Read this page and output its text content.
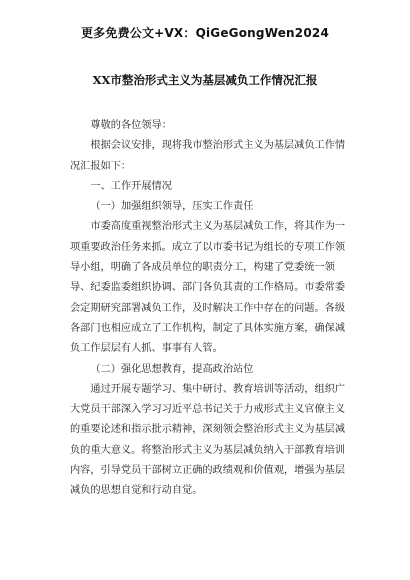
更多免费公文+VX：QiGeGongWen2024
XX市整治形式主义为基层减负工作情况汇报

尊敬的各位领导：

根据会议安排，现将我市整治形式主义为基层减负工作情况汇报如下：

一、工作开展情况

（一）加强组织领导，压实工作责任

市委高度重视整治形式主义为基层减负工作，将其作为一项重要政治任务来抓。成立了以市委书记为组长的专项工作领导小组，明确了各成员单位的职责分工，构建了党委统一领导、纪委监委组织协调、部门各负其责的工作格局。市委常委会定期研究部署减负工作，及时解决工作中存在的问题。各级各部门也相应成立了工作机构，制定了具体实施方案，确保减负工作层层有人抓、事事有人管。

（二）强化思想教育，提高政治站位

通过开展专题学习、集中研讨、教育培训等活动，组织广大党员干部深入学习习近平总书记关于力戒形式主义官僚主义的重要论述和指示批示精神，深刻领会整治形式主义为基层减负的重大意义。将整治形式主义为基层减负纳入干部教育培训内容，引导党员干部树立正确的政绩观和价值观，增强为基层减负的思想自觉和行动自觉。
